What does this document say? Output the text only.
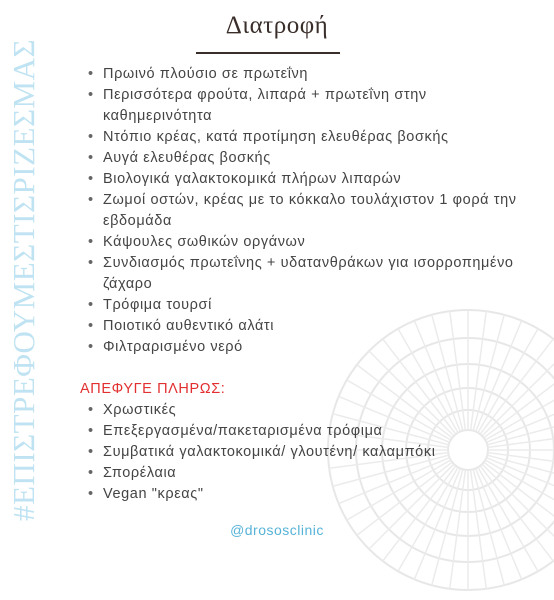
#ΕΠΙΣΤΡΕΦΟΥΜΕΣΤΙΣΡΙΖΕΣΜΑΣ
Διατροφή
• Πρωινό πλούσιο σε πρωτεΐνη
• Περισσότερα φρούτα, λιπαρά + πρωτεΐνη στην καθημερινότητα
• Ντόπιο κρέας, κατά προτίμηση ελευθέρας βοσκής
• Αυγά ελευθέρας βοσκής
• Βιολογικά γαλακτοκομικά πλήρων λιπαρών
• Ζωμοί οστών, κρέας με το κόκκαλο τουλάχιστον 1 φορά την εβδομάδα
• Κάψουλες σωθικών οργάνων
• Συνδιασμός πρωτεΐνης + υδατανθράκων για ισορροπημένο ζάχαρο
• Τρόφιμα τουρσί
• Ποιοτικό αυθεντικό αλάτι
• Φιλτραρισμένο νερό
ΑΠΕΦΥΓΕ ΠΛΗΡΩΣ:
• Χρωστικές
• Επεξεργασμένα/πακεταρισμένα τρόφιμα
• Συμβατικά γαλακτοκομικά/ γλουτένη/ καλαμπόκι
• Σπορέλαια
• Vegan "κρεας"
@drososclinic
